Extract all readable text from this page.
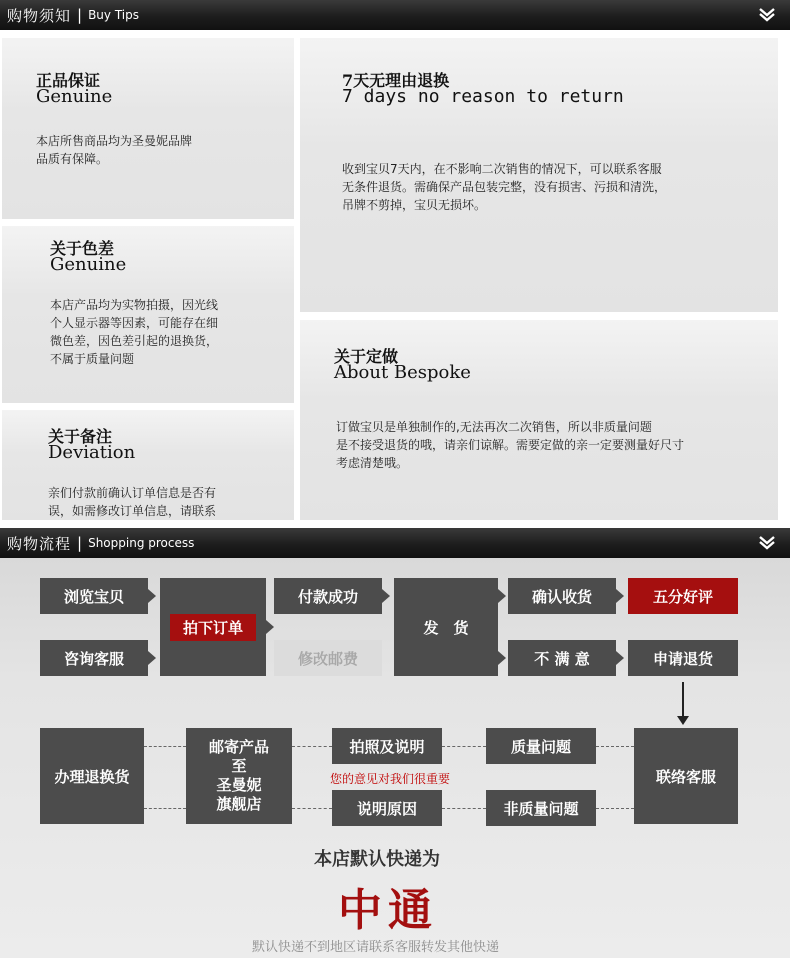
购物须知 | Buy Tips
正品保证
Genuine
本店所售商品均为圣曼妮品牌
品质有保障。
7天无理由退换
7 days no reason to return
收到宝贝7天内，在不影响二次销售的情况下，可以联系客服
无条件退货。需确保产品包装完整，没有损害、污损和清洗，
吊牌不剪掉，宝贝无损坏。
关于色差
Genuine
本店产品均为实物拍摄，因光线
个人显示器等因素，可能存在细
微色差，因色差引起的退换货，
不属于质量问题	关于定做
About Bespoke
订做宝贝是单独制作的,无法再次二次销售，所以非质量问题
是不接受退货的哦，请亲们谅解。需要定做的亲一定要测量好尺寸
考虑清楚哦。
关于备注
Deviation
亲们付款前确认订单信息是否有
误，如需修改订单信息，请联系
购物流程 | Shopping process
浏览宝贝
咨询客服
拍下订单
付款成功
修改邮费
发　货
确认收货
不 满 意
五分好评
申请退货
办理退换货
邮寄产品
至
圣曼妮
旗舰店
拍照及说明
说明原因
您的意见对我们很重要
质量问题
非质量问题
联络客服
本店默认快递为
中通
默认快递不到地区请联系客服转发其他快递
